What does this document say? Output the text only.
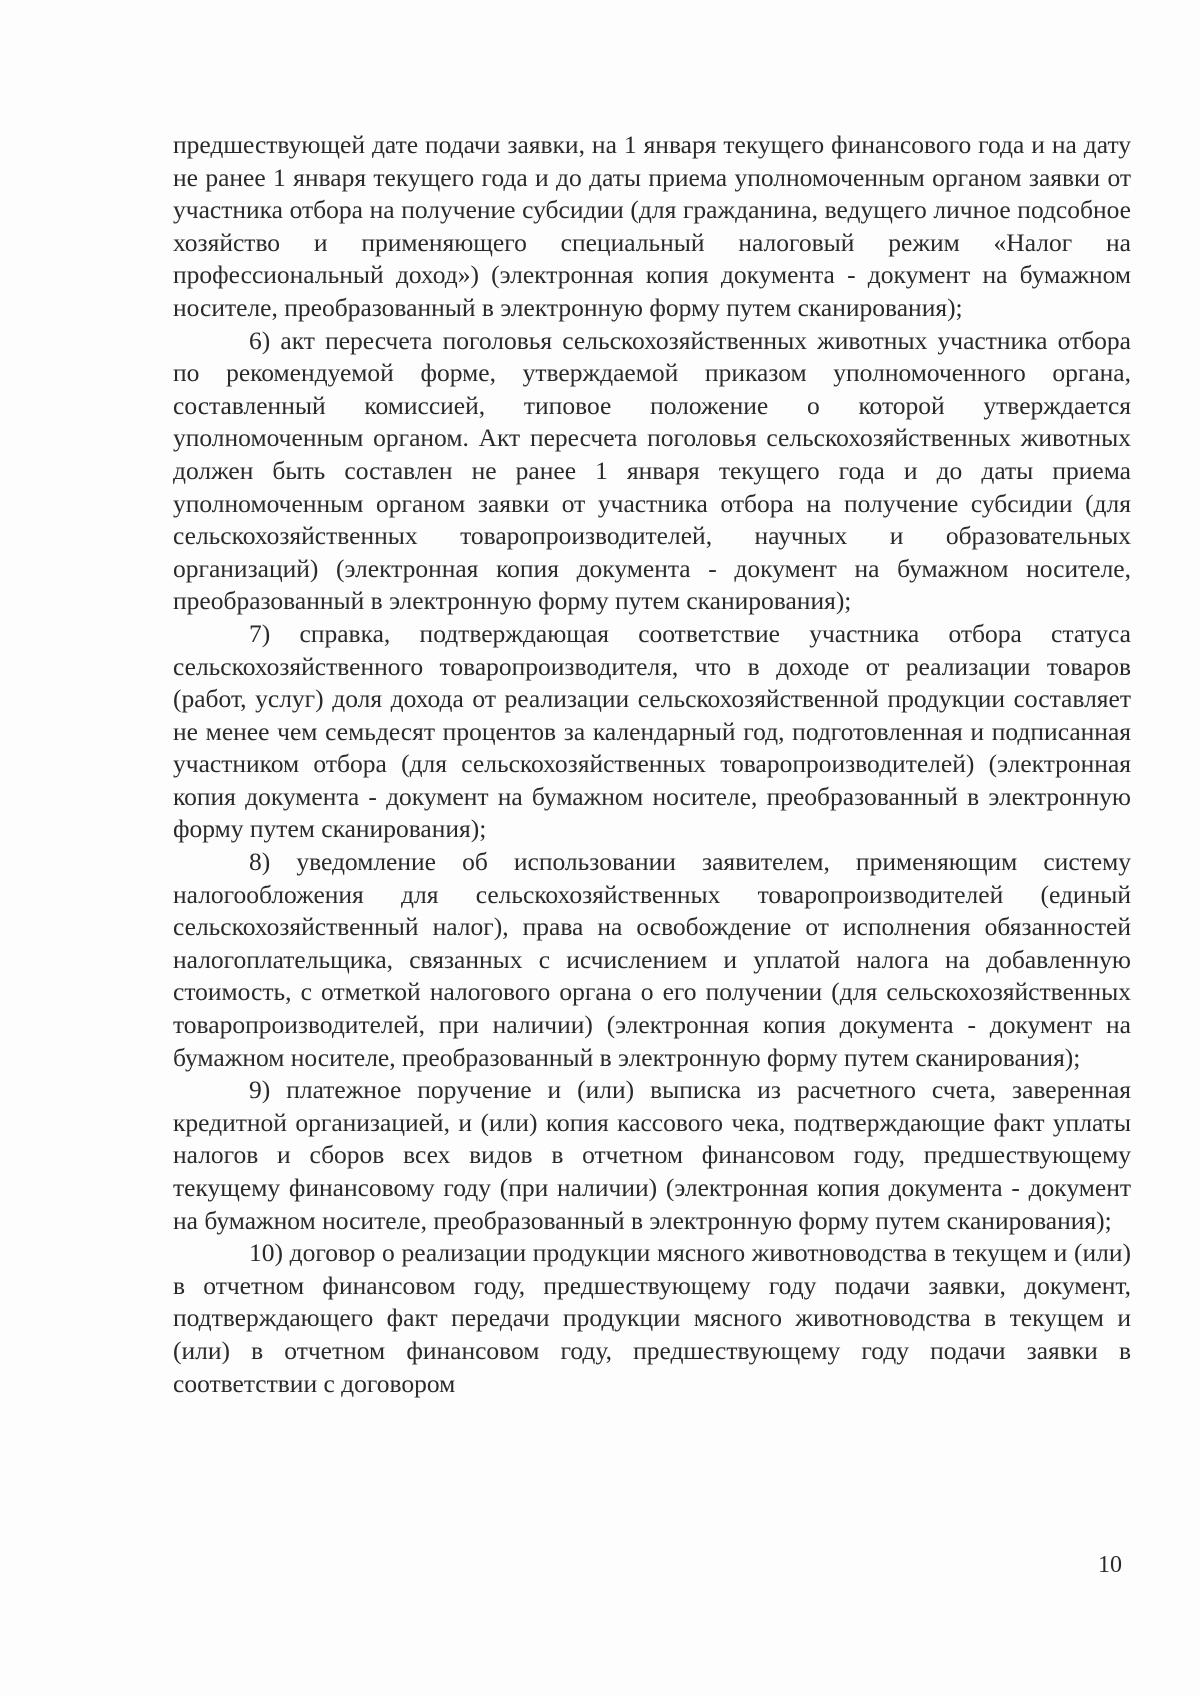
предшествующей дате подачи заявки, на 1 января текущего финансового года и на дату не ранее 1 января текущего года и до даты приема уполномоченным органом заявки от участника отбора на получение субсидии (для гражданина, ведущего личное подсобное хозяйство и применяющего специальный налоговый режим «Налог на профессиональный доход») (электронная копия документа - документ на бумажном носителе, преобразованный в электронную форму путем сканирования);

6) акт пересчета поголовья сельскохозяйственных животных участника отбора по рекомендуемой форме, утверждаемой приказом уполномоченного органа, составленный комиссией, типовое положение о которой утверждается уполномоченным органом. Акт пересчета поголовья сельскохозяйственных животных должен быть составлен не ранее 1 января текущего года и до даты приема уполномоченным органом заявки от участника отбора на получение субсидии (для сельскохозяйственных товаропроизводителей, научных и образовательных организаций) (электронная копия документа - документ на бумажном носителе, преобразованный в электронную форму путем сканирования);

7) справка, подтверждающая соответствие участника отбора статуса сельскохозяйственного товаропроизводителя, что в доходе от реализации товаров (работ, услуг) доля дохода от реализации сельскохозяйственной продукции составляет не менее чем семьдесят процентов за календарный год, подготовленная и подписанная участником отбора (для сельскохозяйственных товаропроизводителей) (электронная копия документа - документ на бумажном носителе, преобразованный в электронную форму путем сканирования);

8) уведомление об использовании заявителем, применяющим систему налогообложения для сельскохозяйственных товаропроизводителей (единый сельскохозяйственный налог), права на освобождение от исполнения обязанностей налогоплательщика, связанных с исчислением и уплатой налога на добавленную стоимость, с отметкой налогового органа о его получении (для сельскохозяйственных товаропроизводителей, при наличии) (электронная копия документа - документ на бумажном носителе, преобразованный в электронную форму путем сканирования);

9) платежное поручение и (или) выписка из расчетного счета, заверенная кредитной организацией, и (или) копия кассового чека, подтверждающие факт уплаты налогов и сборов всех видов в отчетном финансовом году, предшествующему текущему финансовому году (при наличии) (электронная копия документа - документ на бумажном носителе, преобразованный в электронную форму путем сканирования);

10) договор о реализации продукции мясного животноводства в текущем и (или) в отчетном финансовом году, предшествующему году подачи заявки, документ, подтверждающего факт передачи продукции мясного животноводства в текущем и (или) в отчетном финансовом году, предшествующему году подачи заявки в соответствии с договором

10
